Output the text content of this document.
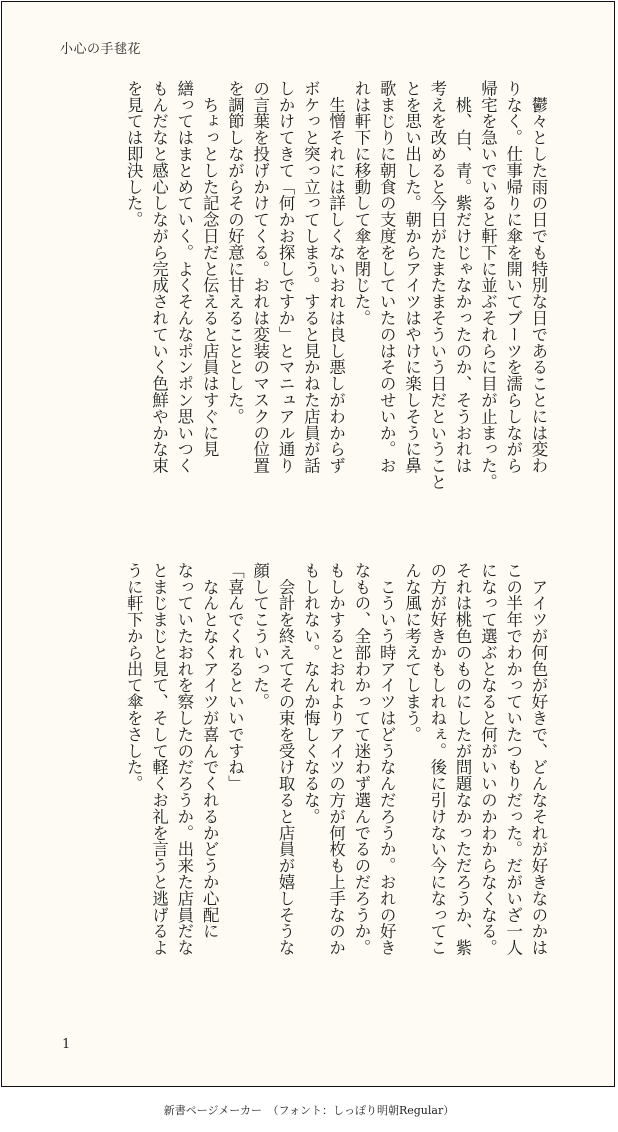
小心の手毬花
　鬱々とした雨の日でも特別な日であることには変わ
りなく。仕事帰りに傘を開いてブーツを濡らしながら
帰宅を急いでいると軒下に並ぶそれらに目が止まった。
　桃、白、青。紫だけじゃなかったのか、そうおれは
考えを改めると今日がたまたまそういう日だということ
とを思い出した。朝からアイツはやけに楽しそうに鼻
歌まじりに朝食の支度をしていたのはそのせいか。お
れは軒下に移動して傘を閉じた。
　生憎それには詳しくないおれは良し悪しがわからず
ボケっと突っ立ってしまう。すると見かねた店員が話
しかけてきて「何かお探しですか」とマニュアル通り
の言葉を投げかけてくる。おれは変装のマスクの位置
を調節しながらその好意に甘えることとした。
　ちょっとした記念日だと伝えると店員はすぐに見
繕ってはまとめていく。よくそんなポンポン思いつく
もんだなと感心しながら完成されていく色鮮やかな束
を見ては即決した。
　アイツが何色が好きで、どんなそれが好きなのかは
この半年でわかっていたつもりだった。だがいざ一人
になって選ぶとなると何がいいのかわからなくなる。
それは桃色のものにしたが問題なかっただろうか、紫
の方が好きかもしれねぇ。後に引けない今になってこ
んな風に考えてしまう。
　こういう時アイツはどうなんだろうか。おれの好き
なもの、全部わかってて迷わず選んでるのだろうか。
もしかするとおれよりアイツの方が何枚も上手なのか
もしれない。なんか悔しくなるな。
　会計を終えてその束を受け取ると店員が嬉しそうな
顔してこういった。
「喜んでくれるといいですね」
　なんとなくアイツが喜んでくれるかどうか心配に
なっていたおれを察したのだろうか。出来た店員だな
とまじまじと見て、そして軽くお礼を言うと逃げるよ
うに軒下から出て傘をさした。
1
新書ページメーカー　（フォント：しっぽり明朝Regular）
